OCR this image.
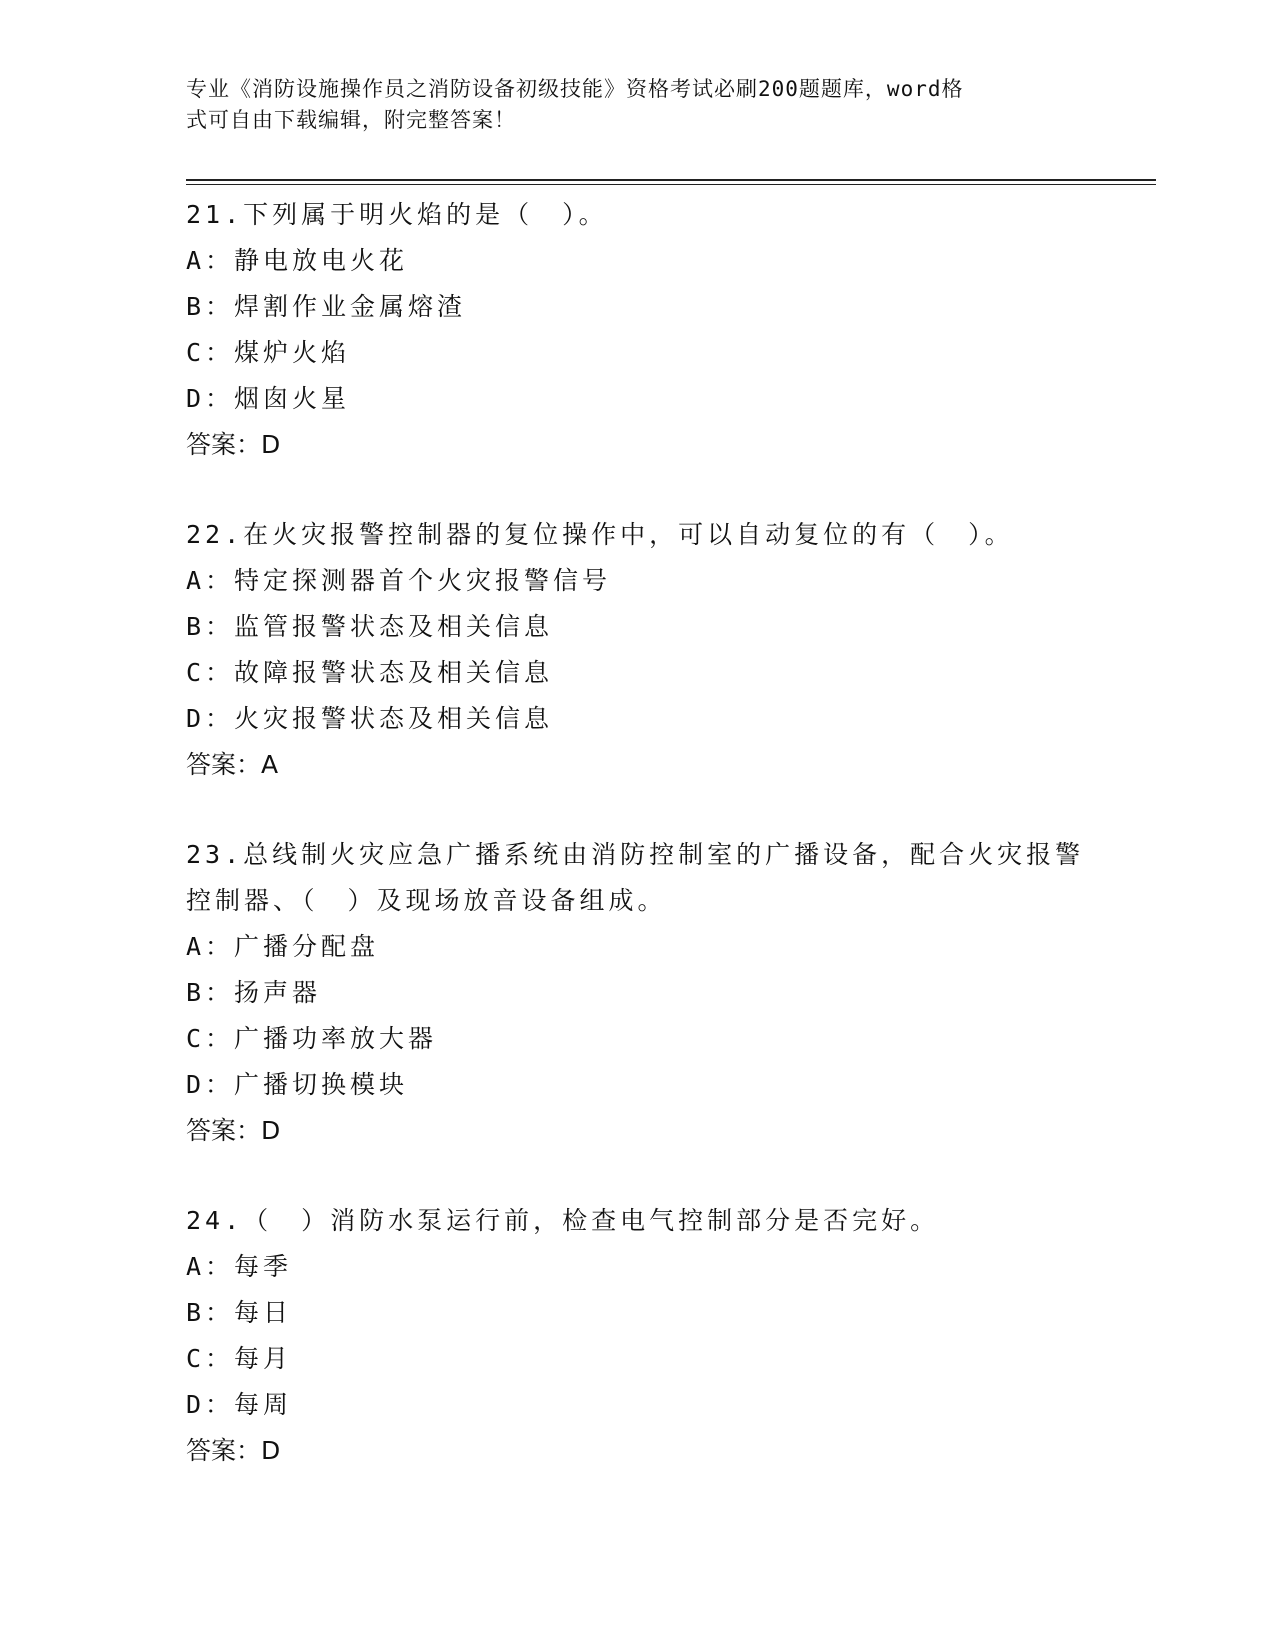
专业《消防设施操作员之消防设备初级技能》资格考试必刷200题题库，word格
式可自由下载编辑，附完整答案！

21.下列属于明火焰的是（　）。

A：静电放电火花

B：焊割作业金属熔渣

C：煤炉火焰

D：烟囱火星

答案：D

22.在火灾报警控制器的复位操作中，可以自动复位的有（　）。

A：特定探测器首个火灾报警信号

B：监管报警状态及相关信息

C：故障报警状态及相关信息

D：火灾报警状态及相关信息

答案：A

23.总线制火灾应急广播系统由消防控制室的广播设备，配合火灾报警

控制器、（　）及现场放音设备组成。

A：广播分配盘

B：扬声器

C：广播功率放大器

D：广播切换模块

答案：D

24.（　）消防水泵运行前，检查电气控制部分是否完好。

A：每季

B：每日

C：每月

D：每周

答案：D
